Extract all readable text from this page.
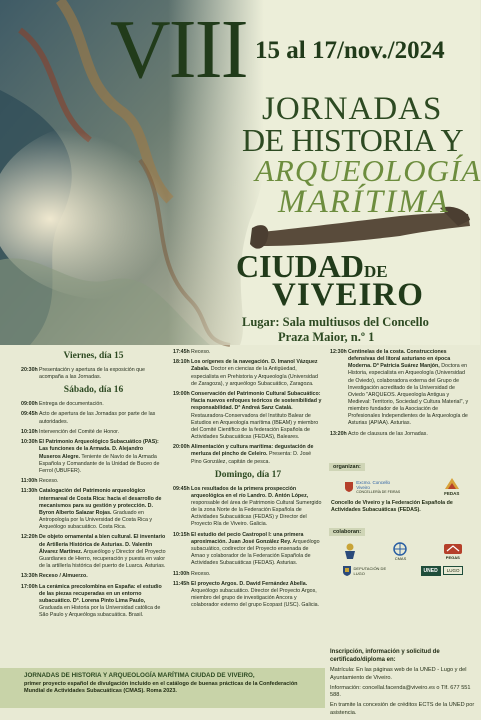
VIII 15 al 17/nov./2024
JORNADAS
DE HISTORIA Y
ARQUEOLOGÍA
MARÍTIMA
CIUDADDE
VIVEIRO
Lugar: Sala multiusos del Concello
Praza Maior, n.º 1
Viernes, día 15
20:30h Presentación y apertura de la exposición que acompaña a las Jornadas.
Sábado, día 16
09:00h Entrega de documentación.
09:45h Acto de apertura de las Jornadas por parte de las autoridades.
10:10h Intervención del Comité de Honor.
10:30h El Patrimonio Arqueológico Subacuático (PAS): Las funciones de la Armada. D. Alejandro Museros Alegre. Teniente de Navío de la Armada Española y Comandante de la Unidad de Buceo de Ferrol (UBUFER).
11:00h Receso.
11:30h Catalogación del Patrimonio arqueológico intermareal de Costa Rica: hacia el desarrollo de mecanismos para su gestión y protección. D. Byron Alberto Salazar Rojas. Graduado en Antropología por la Universidad de Costa Rica y Arqueólogo subacuático. Costa Rica.
12:20h De objeto ornamental a bien cultural. El inventario de Artillería Histórica de Asturias. D. Valentín Álvarez Martínez. Arqueólogo y Director del Proyecto Guardianes de Hierro, recuperación y puesta en valor de la artillería histórica del puerto de Luarca. Asturias.
13:30h Receso / Almuerzo.
17:00h La cerámica precolombina en España: el estudio de las piezas recuperadas en un entorno subacuático. Dª. Lorena Pinto Lima Paulo, Graduada en Historia por la Universidad católica de São Paulo y Arqueóloga subacuática. Brasil.
17:45h Receso.
18:10h Los orígenes de la navegación. D. Imanol Vázquez Zabala. Doctor en ciencias de la Antigüedad, especialista en Prehistoria y Arqueología (Universidad de Zaragoza), y arqueólogo Subacuático, Zaragoza.
19:00h Conservación del Patrimonio Cultural Subacuático: Hacia nuevos enfoques teóricos de sostenibilidad y responsabilidad. Dª Andreá Sanz Catalá. Restauradora-Conservadora del Instituto Balear de Estudios en Arqueología marítima (IBEAM) y miembro del Comité Científico de la federación Española de Actividades Subacuáticas (FEDAS), Baleares.
20:00h Alimentación y cultura marítima: degustación de merluza del pincho de Celeiro. Presenta: D. José Pino González, capitán de pesca.
Domingo, día 17
09:45h Los resultados de la primera prospección arqueológica en el río Landro. D. Antón López, responsable del área de Patrimonio Cultural Sumergido de la zona Norte de la Federación Española de Actividades Subacuáticas (FEDAS) y Director del Proyecto Ría de Viveiro. Galicia.
10:15h El estudio del pecio Castropol I: una primera aproximación. Juan José González Rey. Arqueólogo subacuático, codirector del Proyecto ensenada de Arnao y colaborador de la Federación Española de Actividades Subacuáticas (FEDAS). Asturias.
11:00h Receso.
11:45h El proyecto Argos. D. David Fernández Abella. Arqueólogo subacuático. Director del Proyecto Argos, miembro del grupo de investigación Ancora y colaborador externo del grupo Ecopast (USC). Galicia.
12:30h Centinelas de la costa. Construcciones defensivas del litoral asturiano en época Moderna. Dª Patricia Suárez Manjón, Doctora en Historia, especialista en Arqueología (Universidad de Oviedo), colaboradora externa del Grupo de Investigación acreditado de la Universidad de Oviedo "ARQUEOS. Arqueología Antigua y Medieval: Territorio, Sociedad y Cultura Material", y miembro fundador de la Asociación de Profesionales Independientes de la Arqueología de Asturias (APIAA). Asturias.
13:20h Acto de clausura de las Jornadas.
organizan:
Excmo. Concello Viveiro
CONCELLERÍA DE FEIRAS	FEDAS
Concello de Viveiro y la Federación Española de Actividades Subacuáticas (FEDAS).
colaboran:
CMAS	PEGAS
DEPUTACIÓN DE LUGO	UNED	LUGO
Inscripción, información y solicitud de certificado/diploma en:

Matrícula: En las páginas web de la UNED - Lugo y del Ayuntamiento de Viveiro.

Información: concellal.facenda@viveiro.es o Tlf. 677 551 588.

En tramite la concesión de créditos ECTS de la UNED por asistencia.

JORNADAS DE HISTORIA Y ARQUEOLOGÍA MARÍTIMA CIUDAD DE VIVEIRO,
primer proyecto español de divulgación incluido en el catálogo de buenas prácticas de la Confederación Mundial de Actividades Subacuáticas (CMAS). Roma 2023.
